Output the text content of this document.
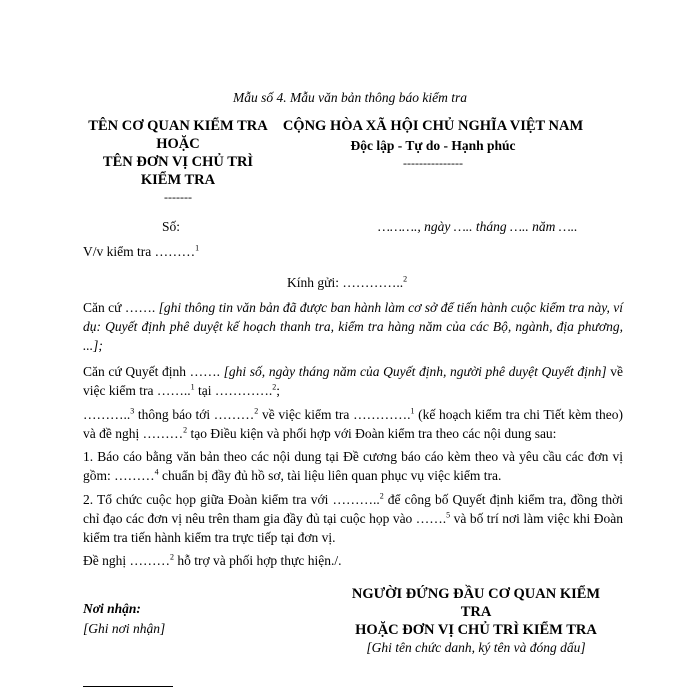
Mẫu số 4. Mẫu văn bản thông báo kiểm tra
TÊN CƠ QUAN KIỂM TRA
HOẶC
TÊN ĐƠN VỊ CHỦ TRÌ
KIỂM TRA
-------
CỘNG HÒA XÃ HỘI CHỦ NGHĨA VIỆT NAM
Độc lập - Tự do - Hạnh phúc
---------------
Số:	………., ngày ….. tháng ….. năm …..
V/v kiểm tra ………$^1$
Kính gửi: …………..$^2$
Căn cứ ……. [ghi thông tin văn bản đã được ban hành làm cơ sở để tiến hành cuộc kiểm tra này, ví dụ: Quyết định phê duyệt kế hoạch thanh tra, kiểm tra hàng năm của các Bộ, ngành, địa phương, ...];
Căn cứ Quyết định ……. [ghi số, ngày tháng năm của Quyết định, người phê duyệt Quyết định] về việc kiểm tra ……..$^1$ tại ………….$^2$;
………..$^3$ thông báo tới ………$^2$ về việc kiểm tra ………….$^1$ (kế hoạch kiểm tra chi Tiết kèm theo) và đề nghị ………$^2$ tạo Điều kiện và phối hợp với Đoàn kiểm tra theo các nội dung sau:
1. Báo cáo bằng văn bản theo các nội dung tại Đề cương báo cáo kèm theo và yêu cầu các đơn vị gồm: ………$^4$ chuẩn bị đầy đủ hồ sơ, tài liệu liên quan phục vụ việc kiểm tra.
2. Tổ chức cuộc họp giữa Đoàn kiểm tra với ………..$^2$ để công bố Quyết định kiểm tra, đồng thời chỉ đạo các đơn vị nêu trên tham gia đầy đủ tại cuộc họp vào …….$^5$ và bố trí nơi làm việc khi Đoàn kiểm tra tiến hành kiểm tra trực tiếp tại đơn vị.
Đề nghị ………$^2$ hỗ trợ và phối hợp thực hiện./.
Nơi nhận:
[Ghi nơi nhận]
NGƯỜI ĐỨNG ĐẦU CƠ QUAN KIỂM
TRA
HOẶC ĐƠN VỊ CHỦ TRÌ KIỂM TRA
[Ghi tên chức danh, ký tên và đóng dấu]
